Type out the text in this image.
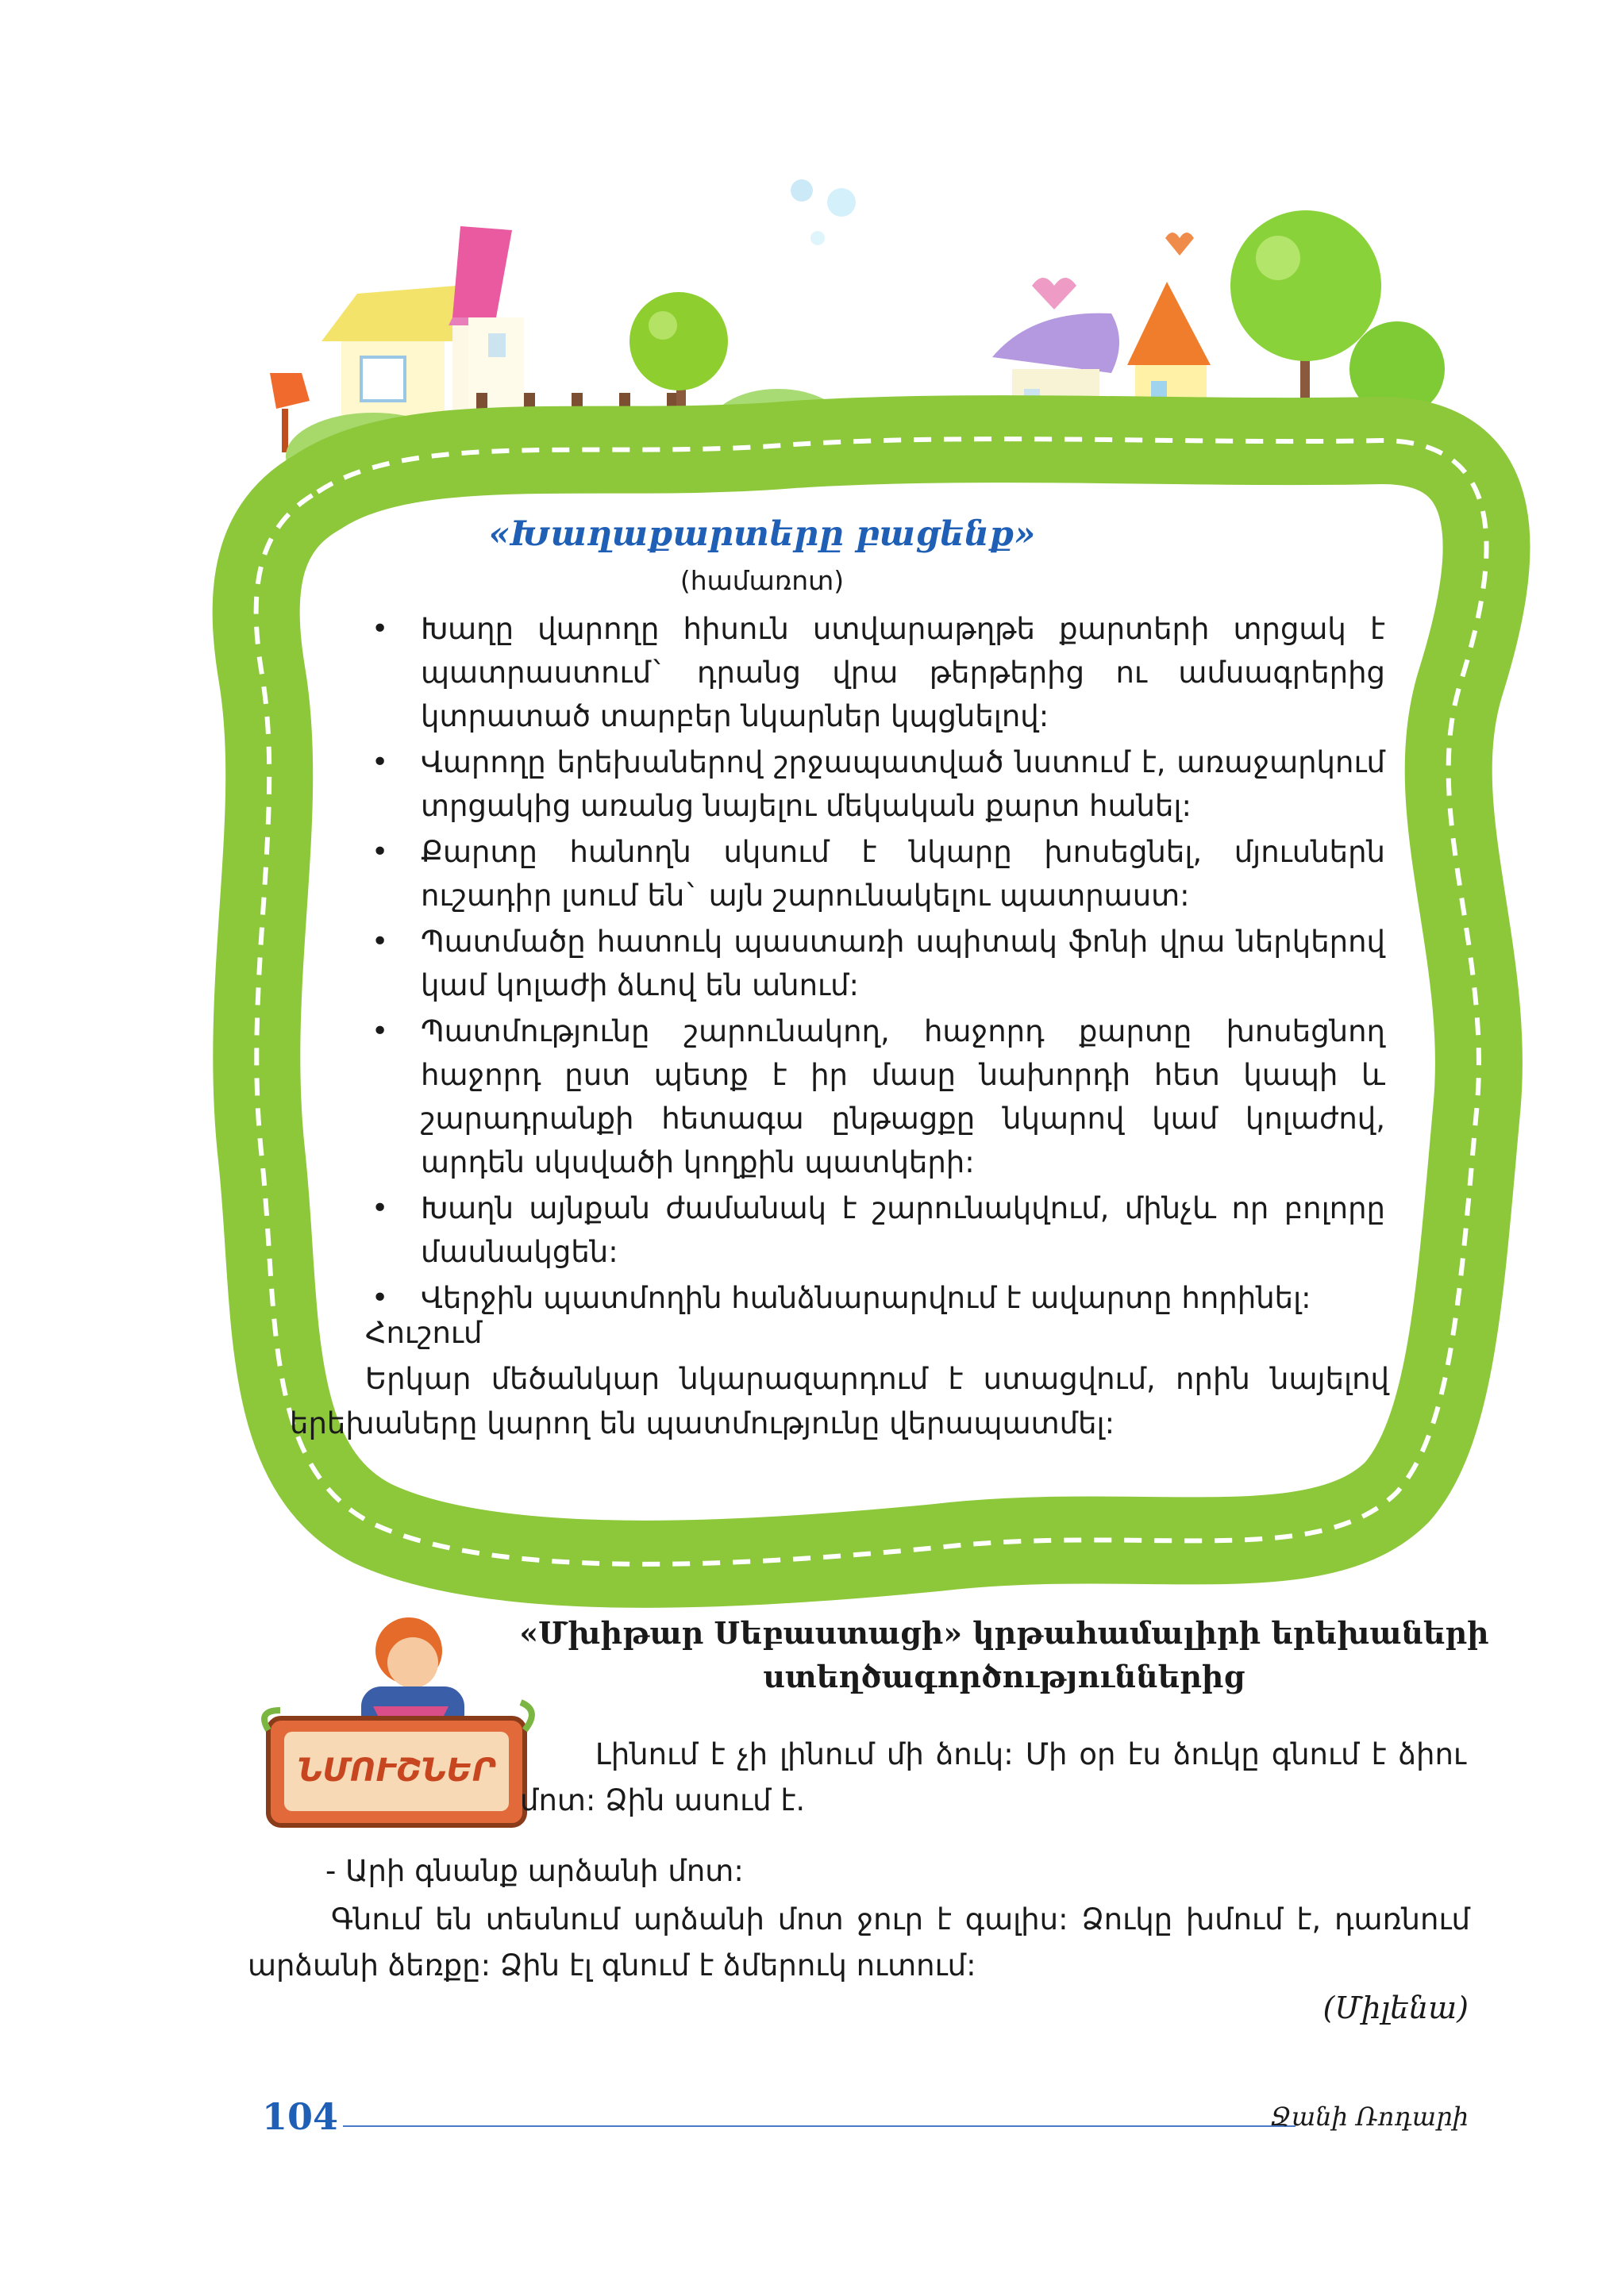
«Խաղաքարտերը բացենք»
(համառոտ)
• Խաղը վարողը հիսուն ստվարաթղթե քարտերի տրցակ է պատրաստում` դրանց վրա թերթերից ու ամսագրերից կտրատած տարբեր նկարներ կպցնելով:
• Վարողը երեխաներով շրջապատված նստում է, առաջարկում տրցակից առանց նայելու մեկական քարտ հանել:
• Քարտը հանողն սկսում է նկարը խոսեցնել, մյուսներն ուշադիր լսում են` այն շարունակելու պատրաստ:
• Պատմածը հատուկ պաստառի սպիտակ ֆոնի վրա ներկերով կամ կոլաժի ձևով են անում:
• Պատմությունը շարունակող, հաջորդ քարտը խոսեցնող հաջորդ ըստ պետք է իր մասը նախորդի հետ կապի և շարադրանքի հետագա ընթացքը նկարով կամ կոլաժով, արդեն սկսվածի կողքին պատկերի:
• Խաղն այնքան ժամանակ է շարունակվում, մինչև որ բոլորը մասնակցեն:
• Վերջին պատմողին հանձնարարվում է ավարտը հորինել:
Հուշում

Երկար մեծանկար նկարազարդում է ստացվում, որին նայելով երեխաները կարող են պատմությունը վերապատմել:

ՆՄՈՒՇՆԵՐ
«Մխիթար Սեբաստացի» կրթահամալիրի երեխաների ստեղծագործություններից

Լինում է չի լինում մի ձուկ: Մի օր էս ձուկը գնում է ձիու մոտ: Ձին ասում է.

- Արի գնանք արձանի մոտ:

Գնում են տեսնում արձանի մոտ ջուր է գալիս: Ձուկը խմում է, դառնում արձանի ձեռքը: Ձին էլ գնում է ձմերուկ ուտում:

(Միլենա)
104	Ջանի Ռոդարի
